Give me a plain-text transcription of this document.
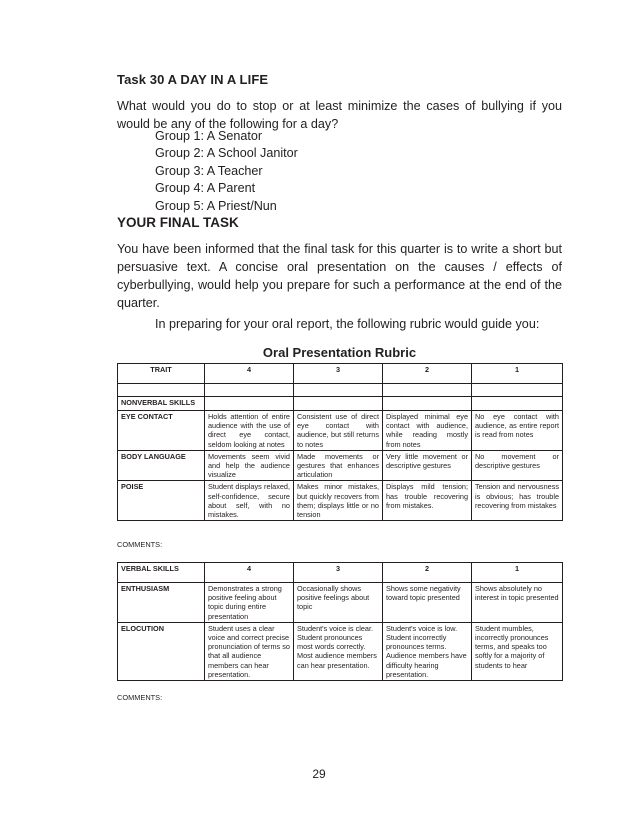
Task 30 A DAY IN A LIFE
What would you do to stop or at least minimize the cases of bullying if you would be any of the following for a day?
Group 1: A Senator
Group 2: A School Janitor
Group 3: A Teacher
Group 4: A Parent
Group 5: A Priest/Nun
YOUR FINAL TASK
You have been informed that the final task for this quarter is to write a short but persuasive text. A concise oral presentation on the causes / effects of cyberbullying, would help you prepare for such a performance at the end of the quarter.
In preparing for your oral report, the following rubric would guide you:
Oral Presentation Rubric
TRAIT	4	3	2	1

NONVERBAL SKILLS				
EYE CONTACT	Holds attention of entire audience with the use of direct eye contact, seldom looking at notes	Consistent use of direct eye contact with audience, but still returns to notes	Displayed minimal eye contact with audience, while reading mostly from notes	No eye contact with audience, as entire report is read from notes
BODY LANGUAGE	Movements seem vivid and help the audience visualize	Made movements or gestures that enhances articulation	Very little movement or descriptive gestures	No movement or descriptive gestures
POISE	Student displays relaxed, self-confidence, secure about self, with no mistakes.	Makes minor mistakes, but quickly recovers from them; displays little or no tension	Displays mild tension; has trouble recovering from mistakes.	Tension and nervousness is obvious; has trouble recovering from mistakes
COMMENTS:
VERBAL SKILLS	4	3	2	1
ENTHUSIASM	Demonstrates a strong positive feeling about topic during entire presentation	Occasionally shows positive feelings about topic	Shows some negativity toward topic presented	Shows absolutely no interest in topic presented
ELOCUTION	Student uses a clear voice and correct precise pronunciation of terms so that all audience members can hear presentation.	Student's voice is clear. Student pronounces most words correctly. Most audience members can hear presentation.	Student's voice is low. Student incorrectly pronounces terms. Audience members have difficulty hearing presentation.	Student mumbles, incorrectly pronounces terms, and speaks too softly for a majority of students to hear
COMMENTS:
29
